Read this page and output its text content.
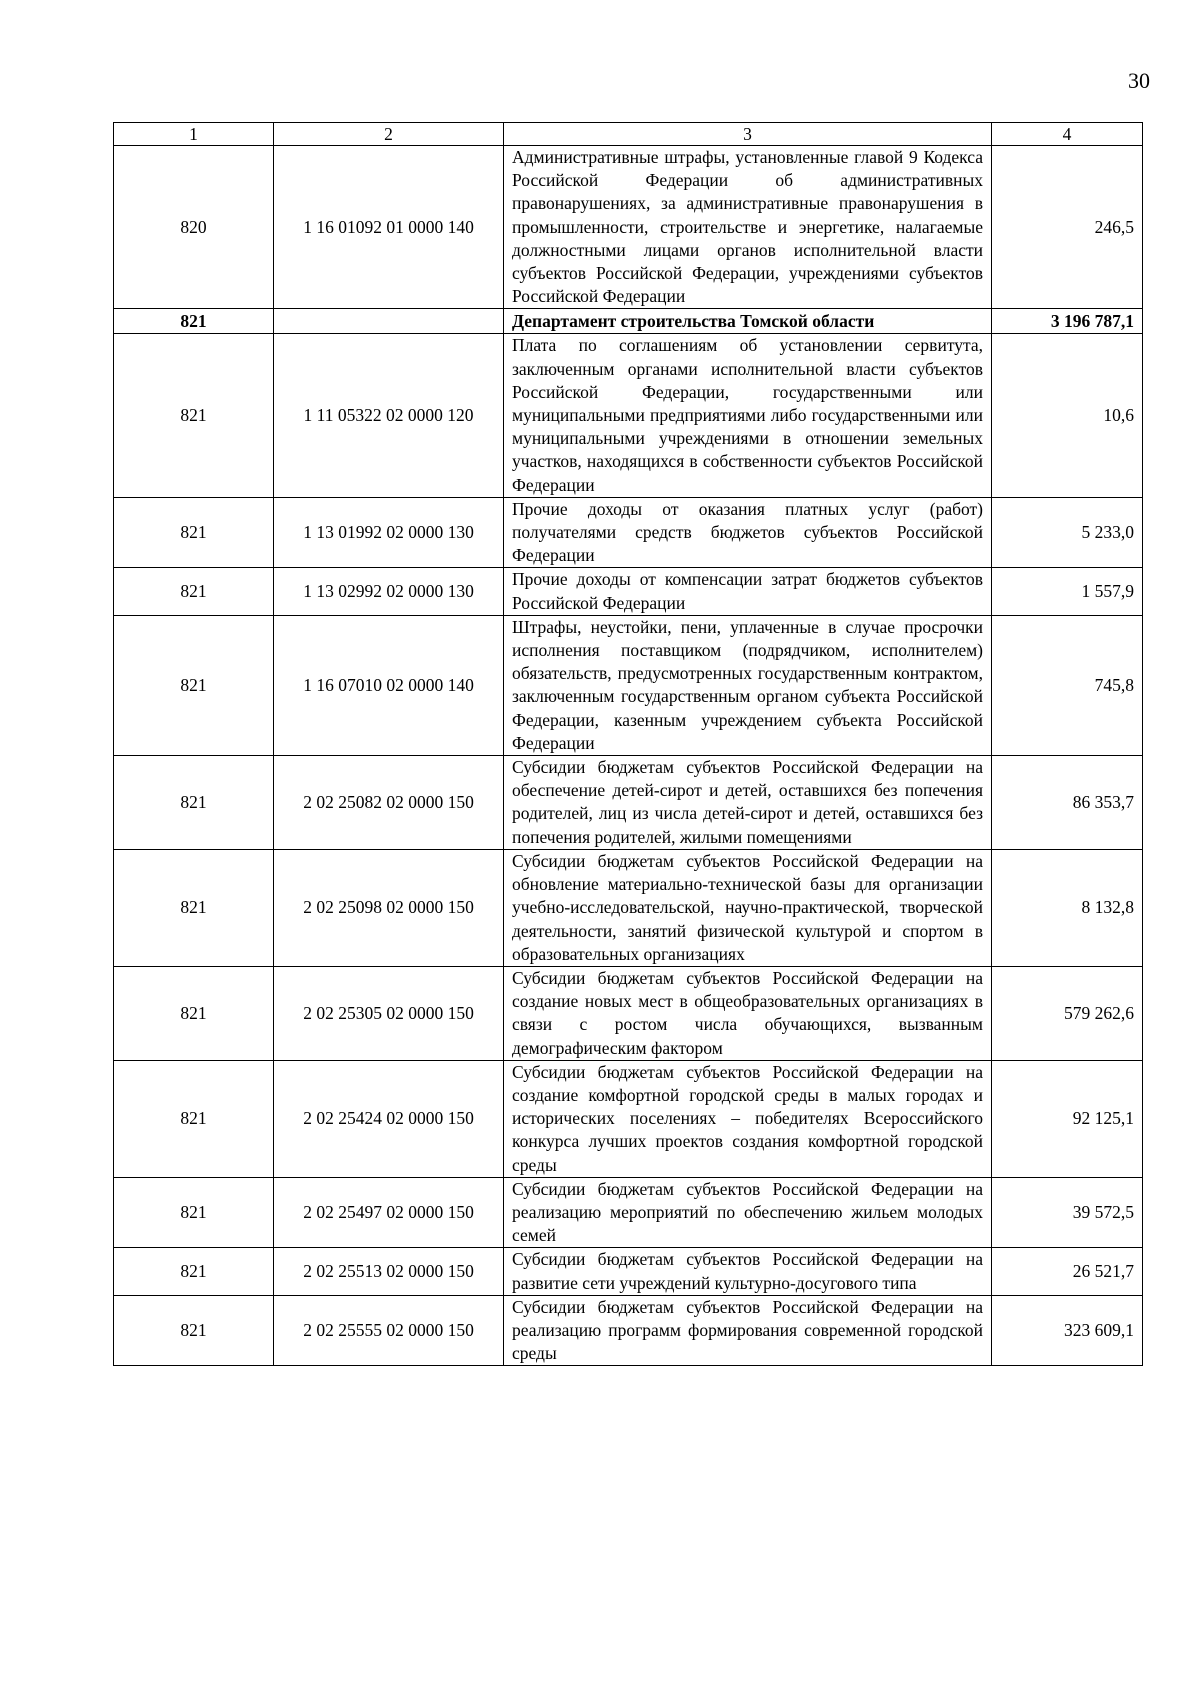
30
1	2	3	4
820	1 16 01092 01 0000 140	Административные штрафы, установленные главой 9 Кодекса Российской Федерации об административных правонарушениях, за административные правонарушения в промышленности, строительстве и энергетике, налагаемые должностными лицами органов исполнительной власти субъектов Российской Федерации, учреждениями субъектов Российской Федерации	246,5
821		Департамент строительства Томской области	3 196 787,1
821	1 11 05322 02 0000 120	Плата по соглашениям об установлении сервитута, заключенным органами исполнительной власти субъектов Российской Федерации, государственными или муниципальными предприятиями либо государственными или муниципальными учреждениями в отношении земельных участков, находящихся в собственности субъектов Российской Федерации	10,6
821	1 13 01992 02 0000 130	Прочие доходы от оказания платных услуг (работ) получателями средств бюджетов субъектов Российской Федерации	5 233,0
821	1 13 02992 02 0000 130	Прочие доходы от компенсации затрат бюджетов субъектов Российской Федерации	1 557,9
821	1 16 07010 02 0000 140	Штрафы, неустойки, пени, уплаченные в случае просрочки исполнения поставщиком (подрядчиком, исполнителем) обязательств, предусмотренных государственным контрактом, заключенным государственным органом субъекта Российской Федерации, казенным учреждением субъекта Российской Федерации	745,8
821	2 02 25082 02 0000 150	Субсидии бюджетам субъектов Российской Федерации на обеспечение детей-сирот и детей, оставшихся без попечения родителей, лиц из числа детей-сирот и детей, оставшихся без попечения родителей, жилыми помещениями	86 353,7
821	2 02 25098 02 0000 150	Субсидии бюджетам субъектов Российской Федерации на обновление материально-технической базы для организации учебно-исследовательской, научно-практической, творческой деятельности, занятий физической культурой и спортом в образовательных организациях	8 132,8
821	2 02 25305 02 0000 150	Субсидии бюджетам субъектов Российской Федерации на создание новых мест в общеобразовательных организациях в связи с ростом числа обучающихся, вызванным демографическим фактором	579 262,6
821	2 02 25424 02 0000 150	Субсидии бюджетам субъектов Российской Федерации на создание комфортной городской среды в малых городах и исторических поселениях – победителях Всероссийского конкурса лучших проектов создания комфортной городской среды	92 125,1
821	2 02 25497 02 0000 150	Субсидии бюджетам субъектов Российской Федерации на реализацию мероприятий по обеспечению жильем молодых семей	39 572,5
821	2 02 25513 02 0000 150	Субсидии бюджетам субъектов Российской Федерации на развитие сети учреждений культурно-досугового типа	26 521,7
821	2 02 25555 02 0000 150	Субсидии бюджетам субъектов Российской Федерации на реализацию программ формирования современной городской среды	323 609,1
